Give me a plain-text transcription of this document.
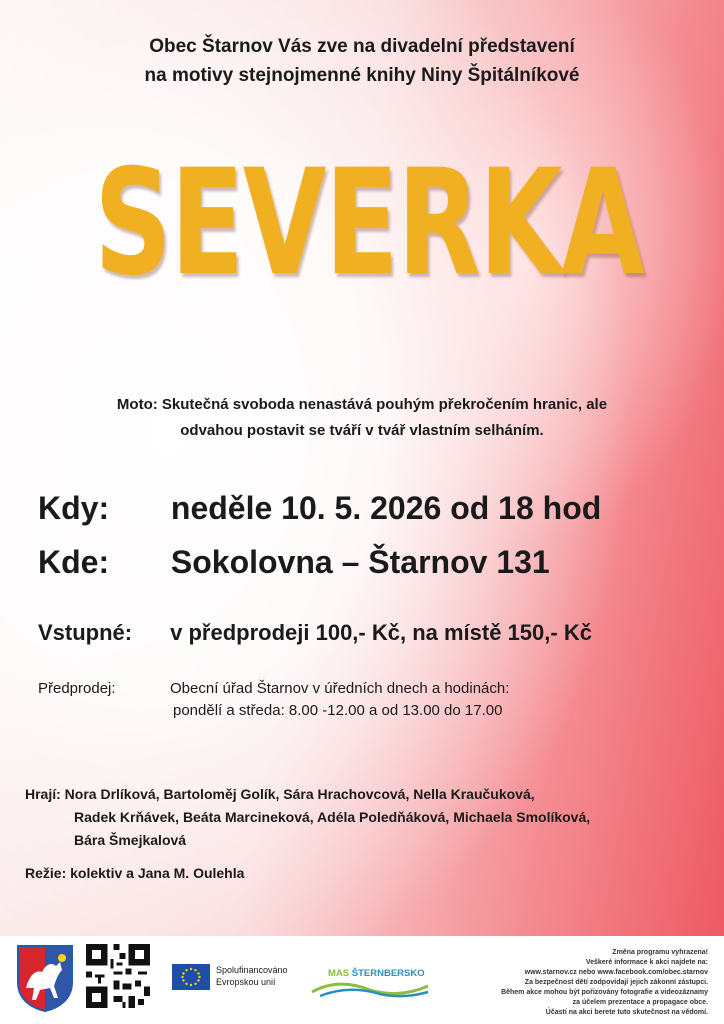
Obec Štarnov Vás zve na divadelní představení
na motivy stejnojmenné knihy Niny Špitálníkové
SEVERKA
Moto: Skutečná svoboda nenastává pouhým překročením hranic, ale
odvahou postavit se tváří v tvář vlastním selháním.
Kdy: neděle 10. 5. 2026 od 18 hod
Kde: Sokolovna – Štarnov 131
Vstupné: v předprodeji 100,- Kč, na místě 150,- Kč
Předprodej:	Obecní úřad Štarnov v úředních dnech a hodinách:
pondělí a středa: 8.00 -12.00 a od 13.00 do 17.00
Hrají: Nora Drlíková, Bartoloměj Golík, Sára Hrachovcová, Nella Kraučuková,
Radek Krňávek, Beáta Marcineková, Adéla Poledňáková, Michaela Smolíková,
Bára Šmejkalová
Režie: kolektiv a Jana M. Oulehla
Spolufinancováno
Evropskou unií
MAS ŠTERNBERSKO
Změna programu vyhrazena!
Veškeré informace k akci najdete na:
www.starnov.cz nebo www.facebook.com/obec.starnov
Za bezpečnost dětí zodpovídají jejich zákonní zástupci.
Během akce mohou být pořizovány fotografie a videozáznamy
za účelem prezentace a propagace obce.
Účastí na akci berete tuto skutečnost na vědomí.
